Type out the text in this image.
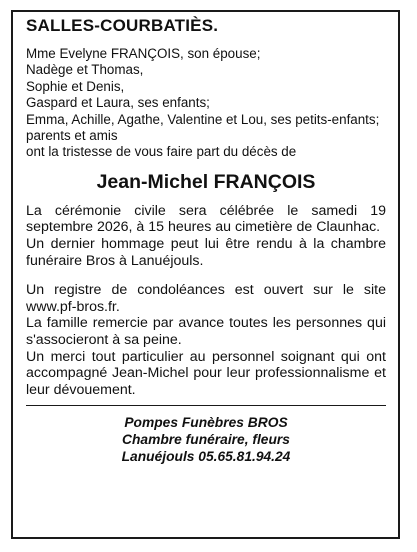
SALLES-COURBATIÈS.

Mme Evelyne FRANÇOIS, son épouse;

Nadège et Thomas,

Sophie et Denis,

Gaspard et Laura, ses enfants;

Emma, Achille, Agathe, Valentine et Lou, ses petits-enfants;

parents et amis

ont la tristesse de vous faire part du décès de

Jean-Michel FRANÇOIS

La cérémonie civile sera célébrée le samedi 19 septembre 2026, à 15 heures au cimetière de Claunhac.

Un dernier hommage peut lui être rendu à la chambre funéraire Bros à Lanuéjouls.

Un registre de condoléances est ouvert sur le site www.pf-bros.fr.

La famille remercie par avance toutes les personnes qui s'associeront à sa peine.

Un merci tout particulier au personnel soignant qui ont accompagné Jean-Michel pour leur professionnalisme et leur dévouement.

Pompes Funèbres BROS
Chambre funéraire, fleurs
Lanuéjouls 05.65.81.94.24
